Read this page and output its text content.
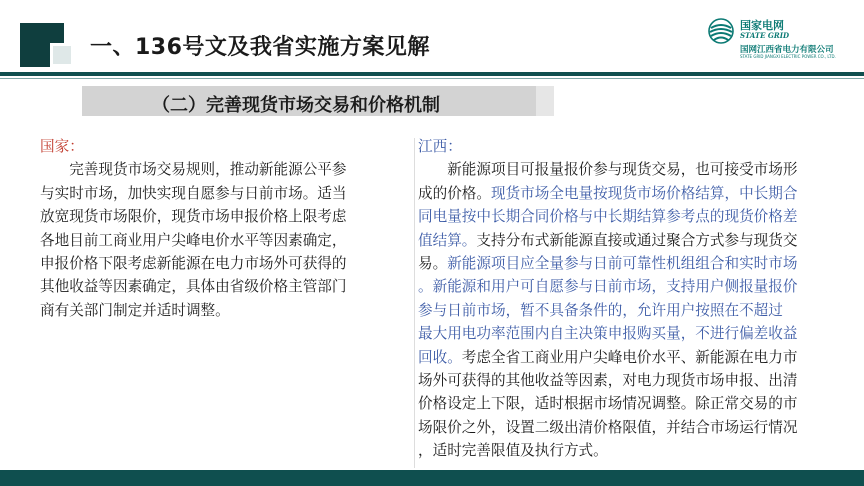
一、136号文及我省实施方案见解
国家电网
STATE GRID
国网江西省电力有限公司
STATE GRID JIANGXI ELECTRIC POWER CO., LTD.
（二）完善现货市场交易和价格机制
国家：
　　完善现货市场交易规则，推动新能源公平参
与实时市场，加快实现自愿参与日前市场。适当
放宽现货市场限价，现货市场申报价格上限考虑
各地目前工商业用户尖峰电价水平等因素确定，
申报价格下限考虑新能源在电力市场外可获得的
其他收益等因素确定，具体由省级价格主管部门
商有关部门制定并适时调整。
江西：
　　新能源项目可报量报价参与现货交易，也可接受市场形
成的价格。现货市场全电量按现货市场价格结算，中长期合
同电量按中长期合同价格与中长期结算参考点的现货价格差
值结算。支持分布式新能源直接或通过聚合方式参与现货交
易。新能源项目应全量参与日前可靠性机组组合和实时市场
。新能源和用户可自愿参与日前市场，支持用户侧报量报价
参与日前市场，暂不具备条件的，允许用户按照在不超过
最大用电功率范围内自主决策申报购买量，不进行偏差收益
回收。考虑全省工商业用户尖峰电价水平、新能源在电力市
场外可获得的其他收益等因素，对电力现货市场申报、出清
价格设定上下限，适时根据市场情况调整。除正常交易的市
场限价之外，设置二级出清价格限值，并结合市场运行情况
，适时完善限值及执行方式。
